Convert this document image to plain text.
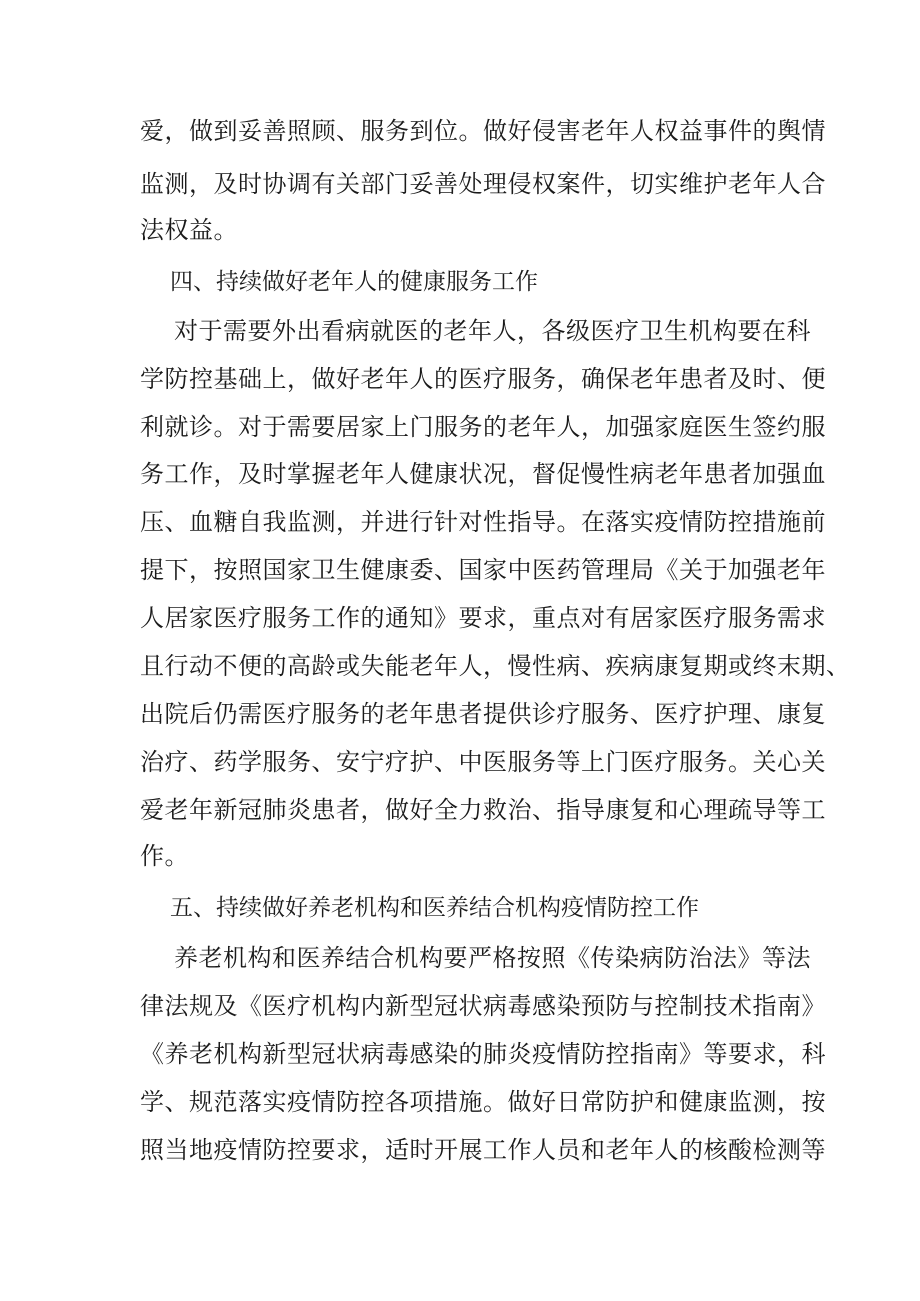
爱，做到妥善照顾、服务到位。做好侵害老年人权益事件的舆情
监测，及时协调有关部门妥善处理侵权案件，切实维护老年人合
法权益。
四、持续做好老年人的健康服务工作
对于需要外出看病就医的老年人，各级医疗卫生机构要在科
学防控基础上，做好老年人的医疗服务，确保老年患者及时、便
利就诊。对于需要居家上门服务的老年人，加强家庭医生签约服
务工作，及时掌握老年人健康状况，督促慢性病老年患者加强血
压、血糖自我监测，并进行针对性指导。在落实疫情防控措施前
提下，按照国家卫生健康委、国家中医药管理局《关于加强老年
人居家医疗服务工作的通知》要求，重点对有居家医疗服务需求
且行动不便的高龄或失能老年人，慢性病、疾病康复期或终末期、
出院后仍需医疗服务的老年患者提供诊疗服务、医疗护理、康复
治疗、药学服务、安宁疗护、中医服务等上门医疗服务。关心关
爱老年新冠肺炎患者，做好全力救治、指导康复和心理疏导等工
作。
五、持续做好养老机构和医养结合机构疫情防控工作
养老机构和医养结合机构要严格按照《传染病防治法》等法
律法规及《医疗机构内新型冠状病毒感染预防与控制技术指南》
《养老机构新型冠状病毒感染的肺炎疫情防控指南》等要求，科
学、规范落实疫情防控各项措施。做好日常防护和健康监测，按
照当地疫情防控要求，适时开展工作人员和老年人的核酸检测等
